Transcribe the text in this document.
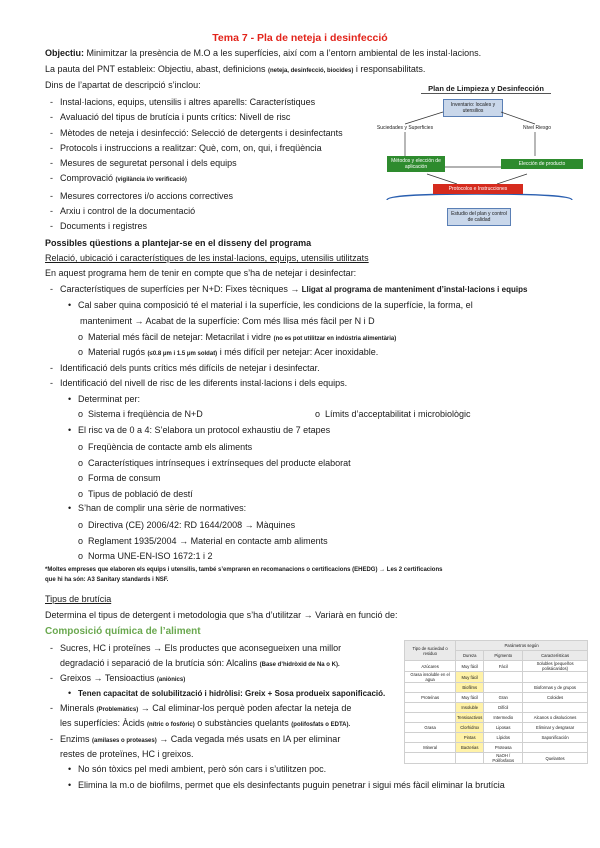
Tema 7 - Pla de neteja i desinfecció
Objectiu: Minimitzar la presència de M.O a les superfícies, així com a l’entorn ambiental de les instal·lacions.
La pauta del PNT estableix: Objectiu, abast, definicions (neteja, desinfecció, biocides) i responsabilitats.
Dins de l’apartat de descripció s’inclou:
- Instal·lacions, equips, utensilis i altres aparells: Característiques
- Avaluació del tipus de brutícia i punts crítics: Nivell de risc
- Mètodes de neteja i desinfecció: Selecció de detergents i desinfectants
- Protocols i instruccions a realitzar: Què, com, on, qui, i freqüència
- Mesures de seguretat personal i dels equips
- Comprovació (vigilància i/o verificació)
- Mesures correctores i/o accions correctives
- Arxiu i control de la documentació
- Documents i registres
Plan de Limpieza y Desinfección
Inventario: locales y utensilios
Suciedades y Superficies	Nivel Riesgo
Métodos y elección de aplicación	Elección de producto
Protocolos e Instrucciones
Estudio del plan y control de calidad
Possibles qüestions a plantejar-se en el disseny del programa
Relació, ubicació i característiques de les instal·lacions, equips, utensilis utilitzats
En aquest programa hem de tenir en compte que s’ha de netejar i desinfectar:
- Característiques de superfícies per N+D: Fixes tècniques → Lligat al programa de manteniment d’instal·lacions i equips
• Cal saber quina composició té el material i la superfície, les condicions de la superfície, la forma, el
manteniment → Acabat de la superfície: Com més llisa més fàcil per N i D
o Material més fàcil de netejar: Metacrilat i vidre (no es pot utilitzar en indústria alimentària)
o Material rugós (≤0.8 μm i 1.5 μm soldat) i més difícil per netejar: Acer inoxidable.
- Identificació dels punts crítics més difícils de netejar i desinfectar.
- Identificació del nivell de risc de les diferents instal·lacions i dels equips.
• Determinat per:
o Sistema i freqüència de N+D	o Límits d’acceptabilitat i microbiològic
• El risc va de 0 a 4: S’elabora un protocol exhaustiu de 7 etapes
o Freqüència de contacte amb els aliments
o Característiques intrínseques i extrínseques del producte elaborat
o Forma de consum
o Tipus de població de destí
• S’han de complir una sèrie de normatives:
o Directiva (CE) 2006/42: RD 1644/2008 → Màquines
o Reglament 1935/2004 → Material en contacte amb aliments
o Norma UNE-EN-ISO 1672:1 i 2
*Moltes empreses que elaboren els equips i utensilis, també s’empraren en recomanacions o certificacions (EHEDG) → Les 2 certificacions
que hi ha són: A3 Sanitary standards i NSF.
Tipus de brutícia
Determina el tipus de detergent i metodologia que s’ha d’utilitzar → Variarà en funció de:
Composició química de l’aliment
- Sucres, HC i proteïnes → Els productes que aconsegueixen una millor
degradació i separació de la brutícia són: Alcalins (Base d’hidròxid de Na o K).
- Greixos → Tensioactius (aniònics)
• Tenen capacitat de solubilització i hidròlisi: Greix + Sosa produeix saponificació.
- Minerals (Problemàtics) → Cal eliminar-los perquè poden afectar la neteja de
les superfícies: Àcids (nítric o fosfòric) o substàncies quelants (polifosfats o EDTA).
- Enzims (amilases o proteases) → Cada vegada més usats en IA per eliminar
restes de proteïnes, HC i greixos.
• No són tòxics pel medi ambient, però són cars i s’utilitzen poc.
• Elimina la m.o de biofilms, permet que els desinfectants puguin penetrar i sigui més fàcil eliminar la brutícia
Tipo de suciedad o residuo	Parámetros según		
	Dureza	Pigmento	Características
Azúcares	Muy fácil	Fácil	Solubles (pequeños polisácaridos)
Grasa insoluble en el agua	Muy fácil		
	Biofilms		Bioformas y de grupos
Proteínas	Muy fácil	Gran	Coloides
	Insoluble	Difícil	
	Tensioactivos	Intermedio	Alcanos o disoluciones
Grasa	Clorhidrox	Liposas	Eliminar y desgrasar
	Pintas	Lípidos	Saponificación
Mineral	Bacterias	Proteasa	
		NaOH / Polifosfatos	Quelantes
